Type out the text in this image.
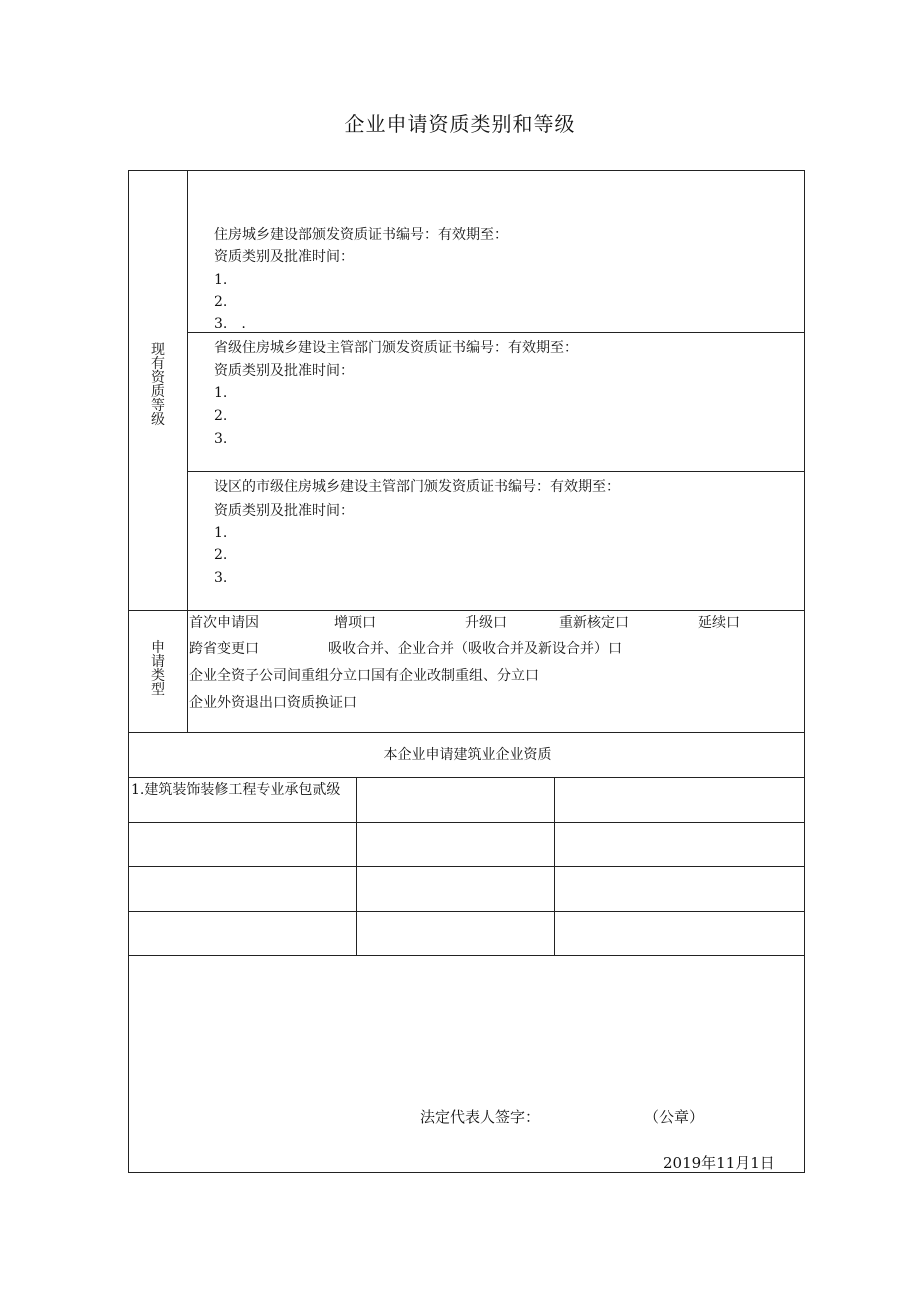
企业申请资质类别和等级
现
有
资
质
等
级
住房城乡建设部颁发资质证书编号：有效期至：
资质类别及批准时间：
1.
2.
3.　.
省级住房城乡建设主管部门颁发资质证书编号：有效期至：
资质类别及批准时间：
1.
2.
3.
设区的市级住房城乡建设主管部门颁发资质证书编号：有效期至：
资质类别及批准时间：
1.
2.
3.
申
请
类
型
首次申请因	增项口	升级口	重新核定口	延续口
跨省变更口	吸收合并、企业合并（吸收合并及新设合并）口
企业全资子公司间重组分立口国有企业改制重组、分立口
企业外资退出口资质换证口
本企业申请建筑业企业资质
1.建筑装饰装修工程专业承包贰级
法定代表人签字：	（公章）
2019年11月1日
